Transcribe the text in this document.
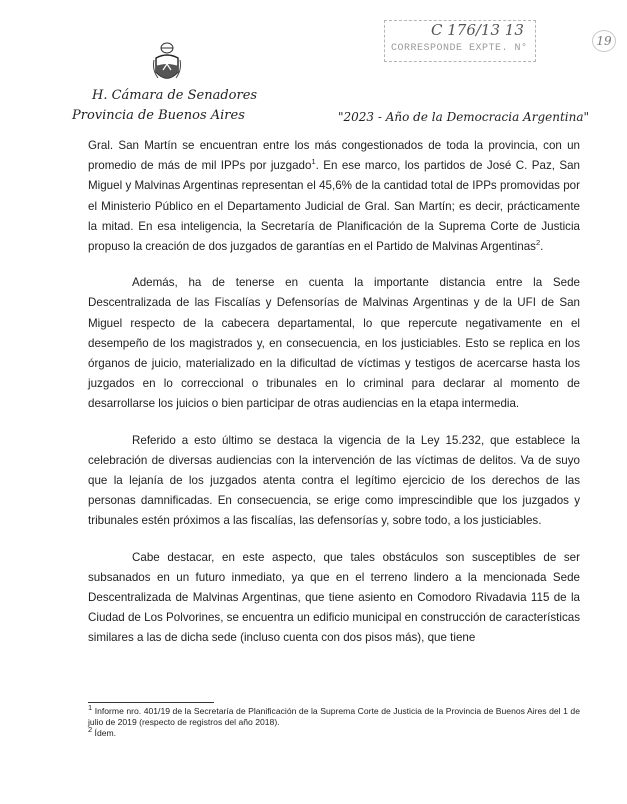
H. Cámara de Senadores
Provincia de Buenos Aires	"2023 - Año de la Democracia Argentina"
C 176/13 13
CORRESPONDE EXPTE. N°
19

Gral. San Martín se encuentran entre los más congestionados de toda la provincia, con un promedio de más de mil IPPs por juzgado$^1$. En ese marco, los partidos de José C. Paz, San Miguel y Malvinas Argentinas representan el 45,6% de la cantidad total de IPPs promovidas por el Ministerio Público en el Departamento Judicial de Gral. San Martín; es decir, prácticamente la mitad. En esa inteligencia, la Secretaría de Planificación de la Suprema Corte de Justicia propuso la creación de dos juzgados de garantías en el Partido de Malvinas Argentinas$^2$.

Además, ha de tenerse en cuenta la importante distancia entre la Sede Descentralizada de las Fiscalías y Defensorías de Malvinas Argentinas y de la UFI de San Miguel respecto de la cabecera departamental, lo que repercute negativamente en el desempeño de los magistrados y, en consecuencia, en los justiciables. Esto se replica en los órganos de juicio, materializado en la dificultad de víctimas y testigos de acercarse hasta los juzgados en lo correccional o tribunales en lo criminal para declarar al momento de desarrollarse los juicios o bien participar de otras audiencias en la etapa intermedia.

Referido a esto último se destaca la vigencia de la Ley 15.232, que establece la celebración de diversas audiencias con la intervención de las víctimas de delitos. Va de suyo que la lejanía de los juzgados atenta contra el legítimo ejercicio de los derechos de las personas damnificadas. En consecuencia, se erige como imprescindible que los juzgados y tribunales estén próximos a las fiscalías, las defensorías y, sobre todo, a los justiciables.

Cabe destacar, en este aspecto, que tales obstáculos son susceptibles de ser subsanados en un futuro inmediato, ya que en el terreno lindero a la mencionada Sede Descentralizada de Malvinas Argentinas, que tiene asiento en Comodoro Rivadavia 115 de la Ciudad de Los Polvorines, se encuentra un edificio municipal en construcción de características similares a las de dicha sede (incluso cuenta con dos pisos más), que tiene

$^1$ Informe nro. 401/19 de la Secretaría de Planificación de la Suprema Corte de Justicia de la Provincia de Buenos Aires del 1 de julio de 2019 (respecto de registros del año 2018).

$^2$ Ídem.
